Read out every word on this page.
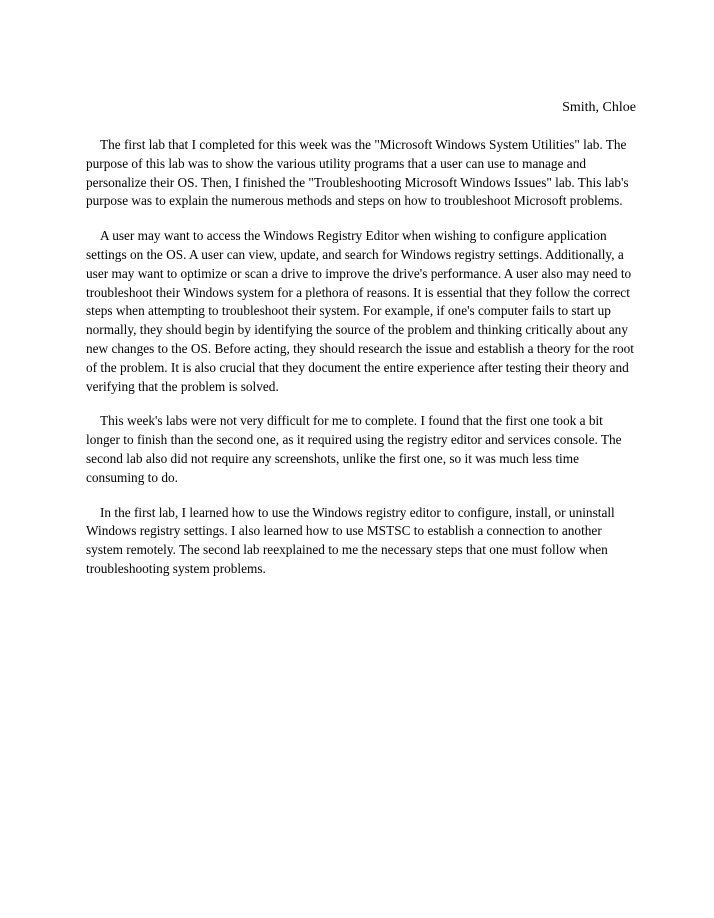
Smith, Chloe

The first lab that I completed for this week was the "Microsoft Windows System Utilities" lab. The purpose of this lab was to show the various utility programs that a user can use to manage and personalize their OS. Then, I finished the "Troubleshooting Microsoft Windows Issues" lab. This lab's purpose was to explain the numerous methods and steps on how to troubleshoot Microsoft problems.

A user may want to access the Windows Registry Editor when wishing to configure application settings on the OS. A user can view, update, and search for Windows registry settings. Additionally, a user may want to optimize or scan a drive to improve the drive's performance. A user also may need to troubleshoot their Windows system for a plethora of reasons. It is essential that they follow the correct steps when attempting to troubleshoot their system. For example, if one's computer fails to start up normally, they should begin by identifying the source of the problem and thinking critically about any new changes to the OS. Before acting, they should research the issue and establish a theory for the root of the problem. It is also crucial that they document the entire experience after testing their theory and verifying that the problem is solved.

This week's labs were not very difficult for me to complete. I found that the first one took a bit longer to finish than the second one, as it required using the registry editor and services console. The second lab also did not require any screenshots, unlike the first one, so it was much less time consuming to do.

In the first lab, I learned how to use the Windows registry editor to configure, install, or uninstall Windows registry settings. I also learned how to use MSTSC to establish a connection to another system remotely. The second lab reexplained to me the necessary steps that one must follow when troubleshooting system problems.
